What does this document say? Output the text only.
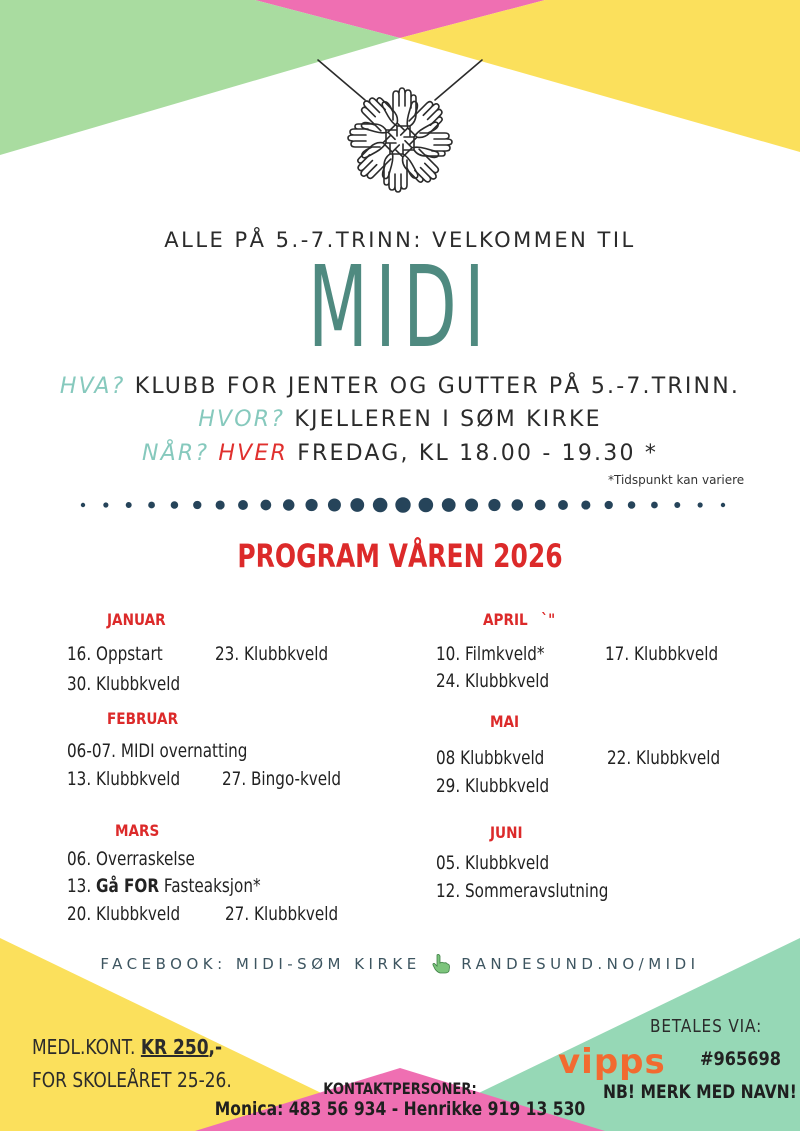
ALLE PÅ 5.-7.TRINN: VELKOMMEN TIL
MIDI
HVA? KLUBB FOR JENTER OG GUTTER PÅ 5.-7.TRINN.
HVOR? KJELLEREN I SØM KIRKE
NÅR? HVER FREDAG, KL 18.00 - 19.30 *
*Tidspunkt kan variere
PROGRAM VÅREN 2026
JANUAR
16. Oppstart	23. Klubbkveld
30. Klubbkveld
FEBRUAR
06-07. MIDI overnatting
13. Klubbkveld 27. Bingo-kveld
MARS
06. Overraskelse
13. Gå FOR Fasteaksjon*
20. Klubbkveld 27. Klubbkveld
APRIL `"
10. Filmkveld*	17. Klubbkveld
24. Klubbkveld
MAI
08 Klubbkveld	22. Klubbkveld
29. Klubbkveld
JUNI
05. Klubbkveld
12. Sommeravslutning
FACEBOOK: MIDI-SØM KIRKE	RANDESUND.NO/MIDI
MEDL.KONT. KR 250,-
FOR SKOLEÅRET 25-26.	KONTAKTPERSONER:
Monica: 483 56 934 - Henrikke 919 13 530
BETALES VIA:
vipps #965698
NB! MERK MED NAVN!
